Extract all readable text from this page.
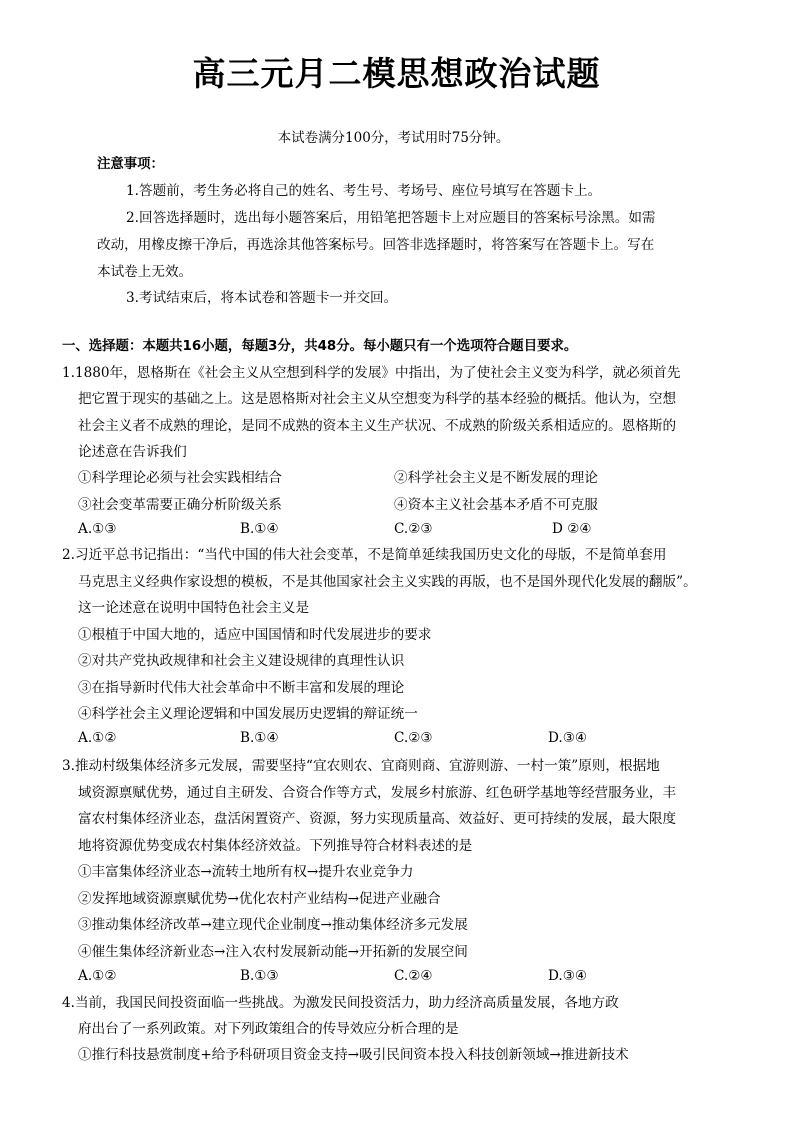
高三元月二模思想政治试题
本试卷满分100分，考试用时75分钟。
注意事项：
1.答题前，考生务必将自己的姓名、考生号、考场号、座位号填写在答题卡上。
2.回答选择题时，选出每小题答案后，用铅笔把答题卡上对应题目的答案标号涂黑。如需
改动，用橡皮擦干净后，再选涂其他答案标号。回答非选择题时，将答案写在答题卡上。写在
本试卷上无效。
3.考试结束后，将本试卷和答题卡一并交回。
一、选择题：本题共16小题，每题3分，共48分。每小题只有一个选项符合题目要求。
1.1880年，恩格斯在《社会主义从空想到科学的发展》中指出，为了使社会主义变为科学，就必须首先
把它置于现实的基础之上。这是恩格斯对社会主义从空想变为科学的基本经验的概括。他认为，空想
社会主义者不成熟的理论，是同不成熟的资本主义生产状况、不成熟的阶级关系相适应的。恩格斯的
论述意在告诉我们
①科学理论必须与社会实践相结合	②科学社会主义是不断发展的理论
③社会变革需要正确分析阶级关系	④资本主义社会基本矛盾不可克服
A.①③	B.①④	C.②③	D ②④
2.习近平总书记指出：“当代中国的伟大社会变革，不是简单延续我国历史文化的母版，不是简单套用
马克思主义经典作家设想的模板，不是其他国家社会主义实践的再版，也不是国外现代化发展的翻版”。
这一论述意在说明中国特色社会主义是
①根植于中国大地的，适应中国国情和时代发展进步的要求
②对共产党执政规律和社会主义建设规律的真理性认识
③在指导新时代伟大社会革命中不断丰富和发展的理论
④科学社会主义理论逻辑和中国发展历史逻辑的辩证统一
A.①②	B.①④	C.②③	D.③④
3.推动村级集体经济多元发展，需要坚持“宜农则农、宜商则商、宜游则游、一村一策”原则，根据地
域资源禀赋优势，通过自主研发、合资合作等方式，发展乡村旅游、红色研学基地等经营服务业，丰
富农村集体经济业态，盘活闲置资产、资源，努力实现质量高、效益好、更可持续的发展，最大限度
地将资源优势变成农村集体经济效益。下列推导符合材料表述的是
①丰富集体经济业态→流转土地所有权→提升农业竞争力
②发挥地域资源禀赋优势→优化农村产业结构→促进产业融合
③推动集体经济改革→建立现代企业制度→推动集体经济多元发展
④催生集体经济新业态→注入农村发展新动能→开拓新的发展空间
A.①②	B.①③	C.②④	D.③④
4.当前，我国民间投资面临一些挑战。为激发民间投资活力，助力经济高质量发展，各地方政
府出台了一系列政策。对下列政策组合的传导效应分析合理的是
①推行科技悬赏制度+给予科研项目资金支持→吸引民间资本投入科技创新领域→推进新技术
